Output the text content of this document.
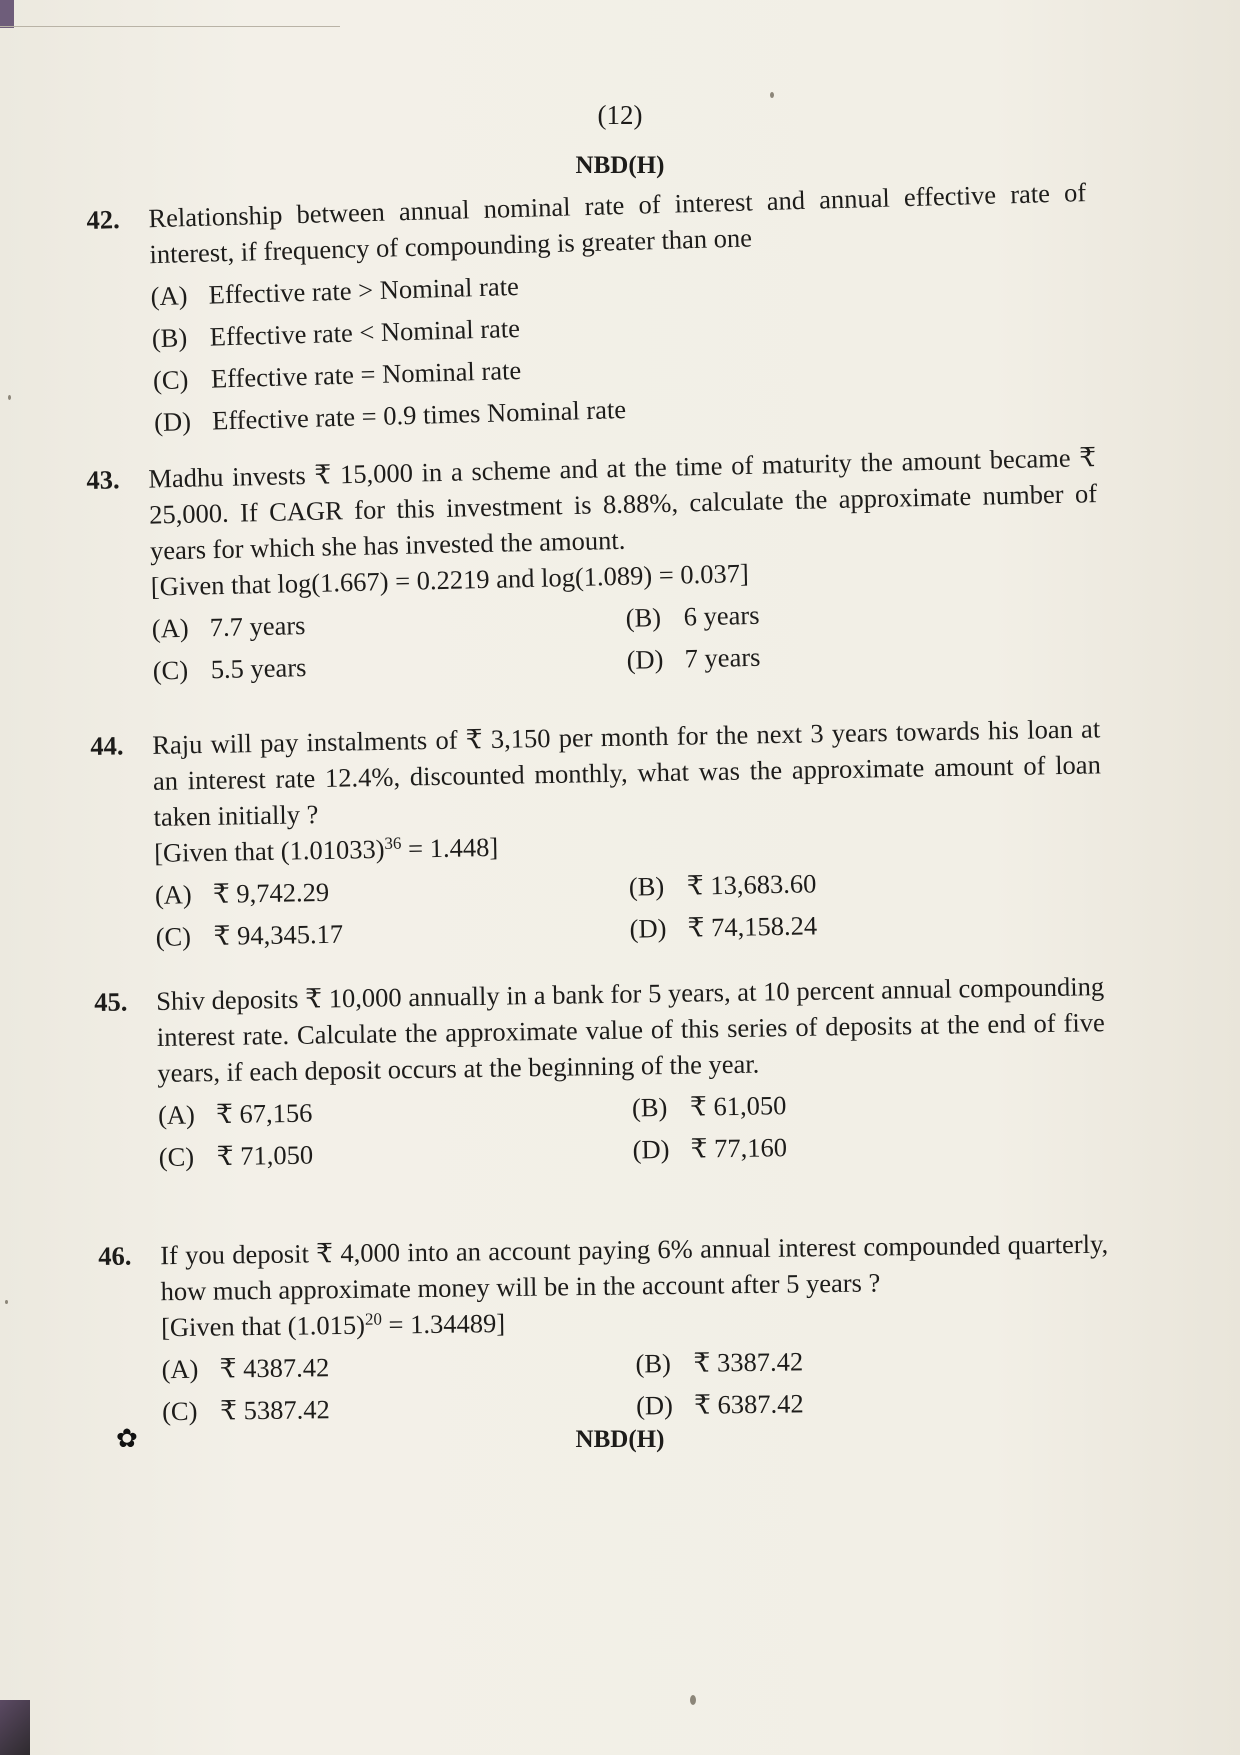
(12)
NBD(H)
42. Relationship between annual nominal rate of interest and annual effective rate of interest, if frequency of compounding is greater than one
(A) Effective rate > Nominal rate
(B) Effective rate < Nominal rate
(C) Effective rate = Nominal rate
(D) Effective rate = 0.9 times Nominal rate
43. Madhu invests ₹ 15,000 in a scheme and at the time of maturity the amount became ₹ 25,000. If CAGR for this investment is 8.88%, calculate the approximate number of years for which she has invested the amount.
[Given that log(1.667) = 0.2219 and log(1.089) = 0.037]
(A) 7.7 years	(B) 6 years
(C) 5.5 years	(D) 7 years
44. Raju will pay instalments of ₹ 3,150 per month for the next 3 years towards his loan at an interest rate 12.4%, discounted monthly, what was the approximate amount of loan taken initially ?
[Given that $(1.01033)^{36} = 1.448$]
(A) ₹ 9,742.29	(B) ₹ 13,683.60
(C) ₹ 94,345.17	(D) ₹ 74,158.24
45. Shiv deposits ₹ 10,000 annually in a bank for 5 years, at 10 percent annual compounding interest rate. Calculate the approximate value of this series of deposits at the end of five years, if each deposit occurs at the beginning of the year.
(A) ₹ 67,156	(B) ₹ 61,050
(C) ₹ 71,050	(D) ₹ 77,160
46. If you deposit ₹ 4,000 into an account paying 6% annual interest compounded quarterly, how much approximate money will be in the account after 5 years ?
[Given that $(1.015)^{20} = 1.34489$]
(A) ₹ 4387.42	(B) ₹ 3387.42
(C) ₹ 5387.42	(D) ₹ 6387.42
✿	NBD(H)
